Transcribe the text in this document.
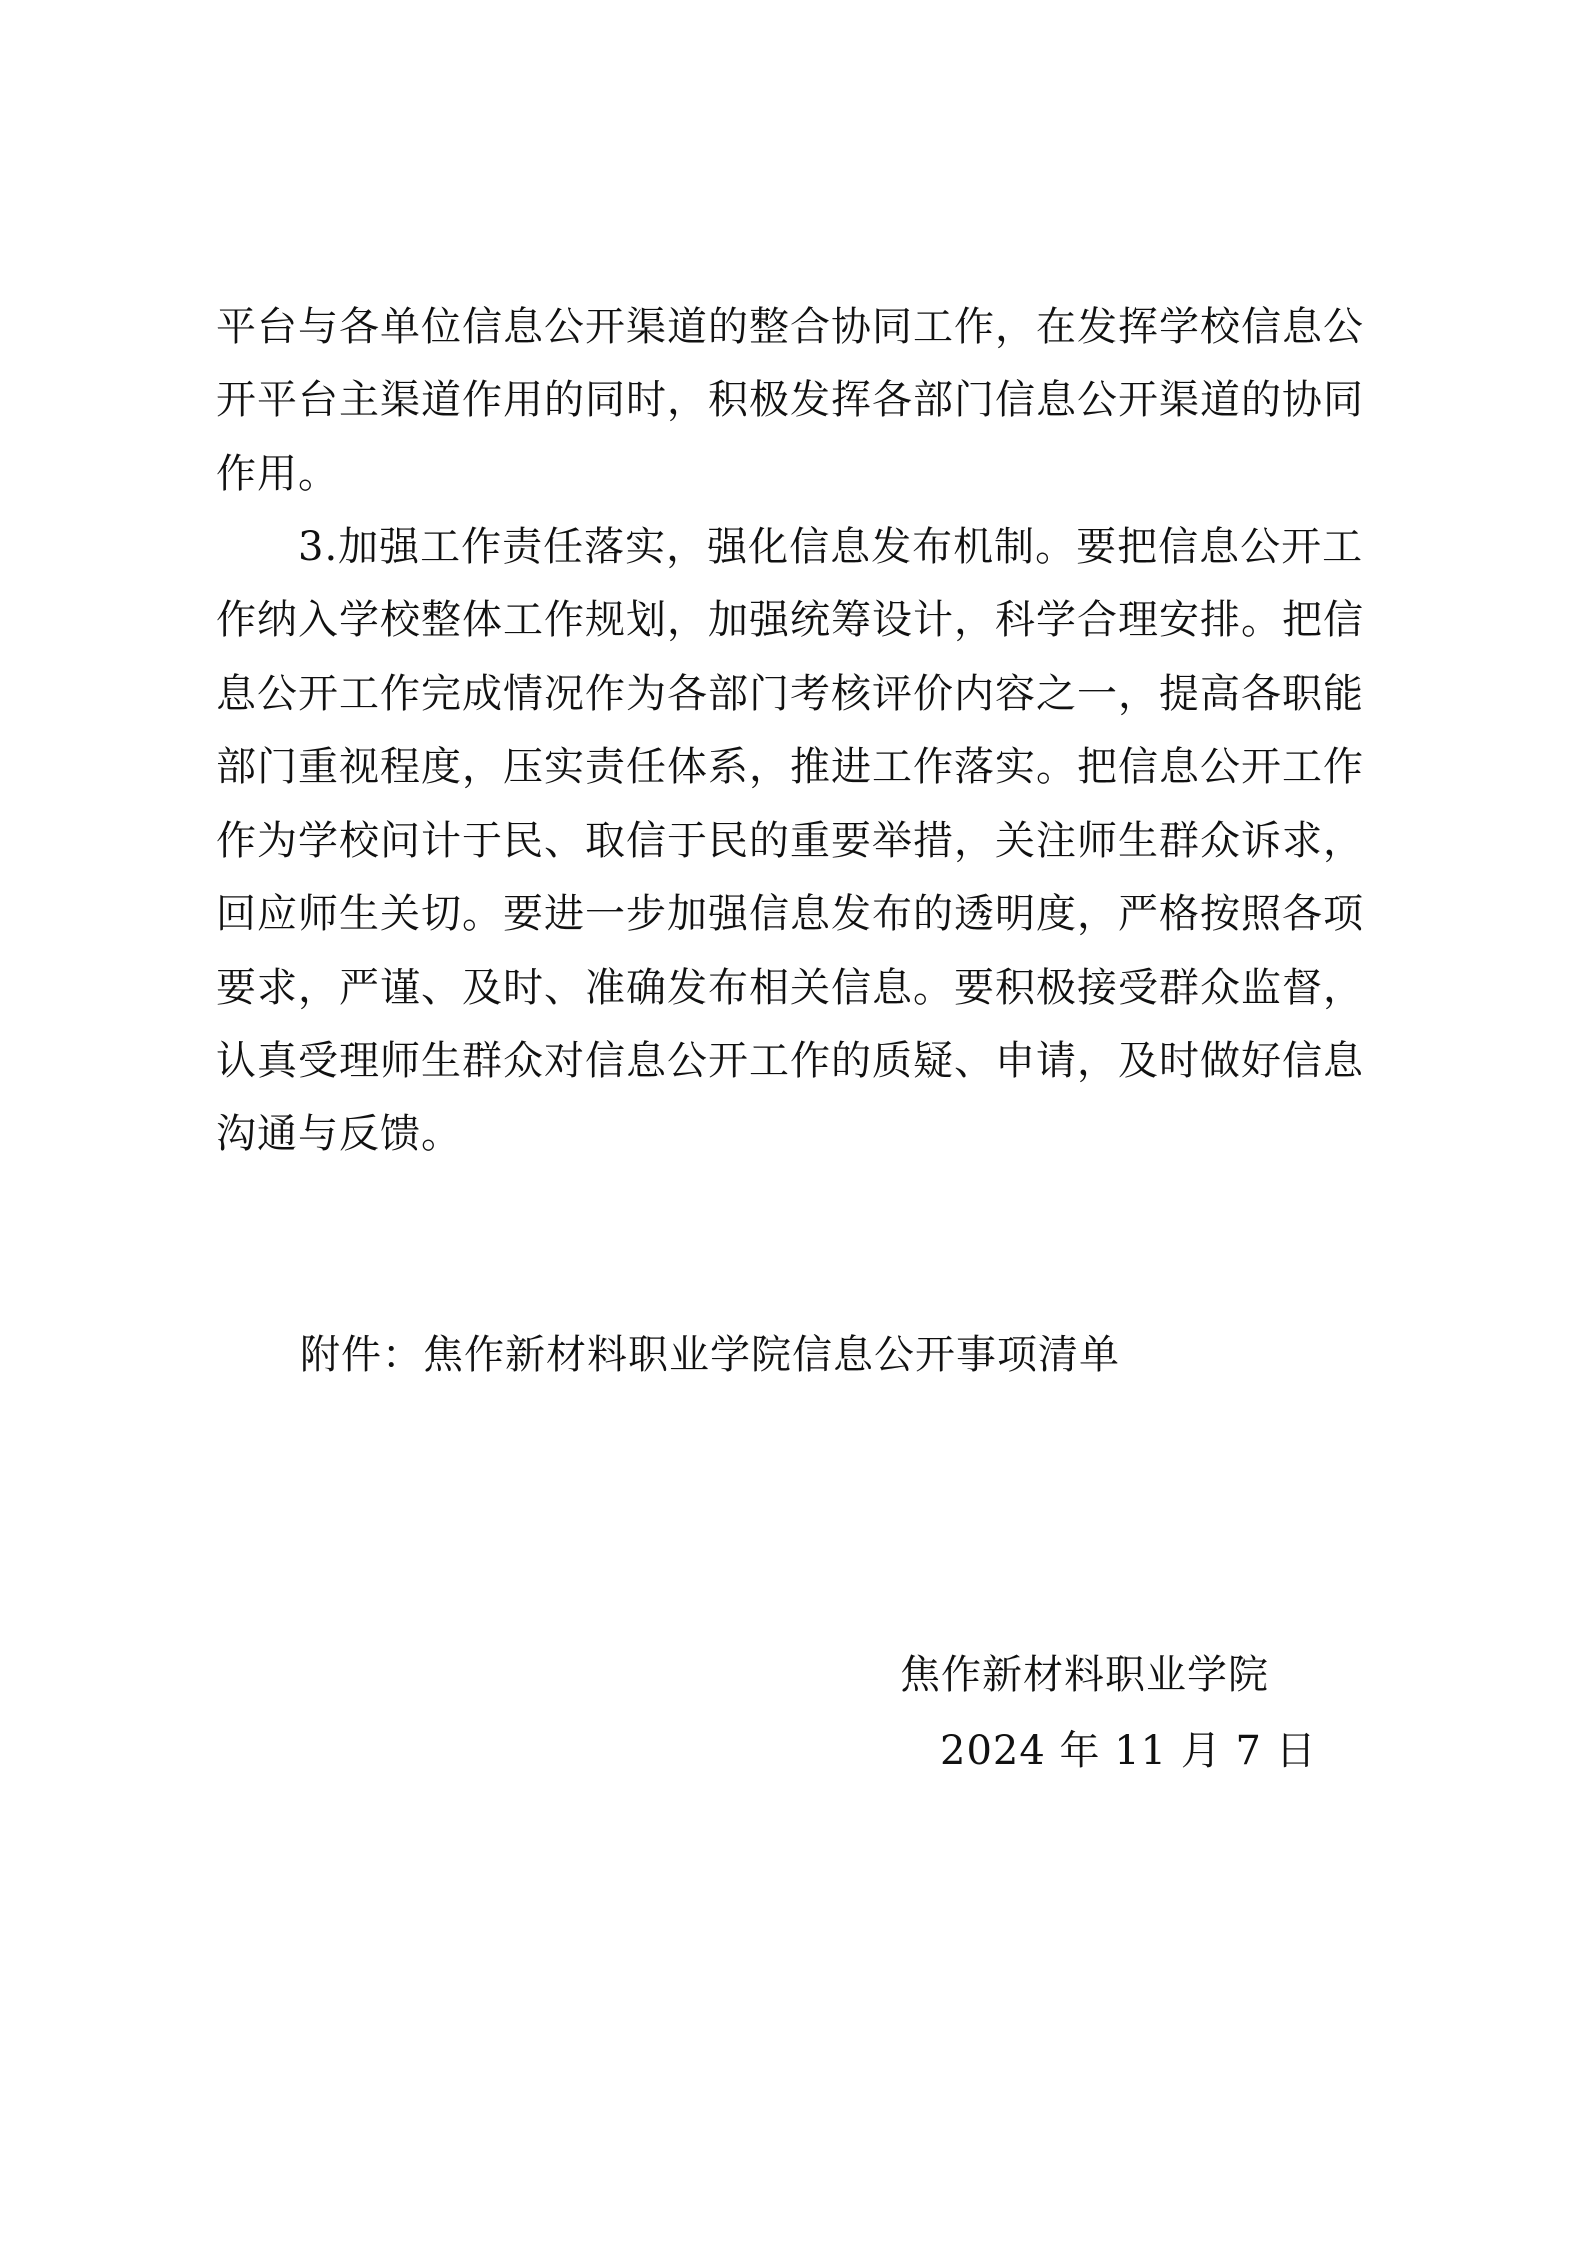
平台与各单位信息公开渠道的整合协同工作，在发挥学校信息公
开平台主渠道作用的同时，积极发挥各部门信息公开渠道的协同
作用。
3.加强工作责任落实，强化信息发布机制。要把信息公开工
作纳入学校整体工作规划，加强统筹设计，科学合理安排。把信
息公开工作完成情况作为各部门考核评价内容之一，提高各职能
部门重视程度，压实责任体系，推进工作落实。把信息公开工作
作为学校问计于民、取信于民的重要举措，关注师生群众诉求，
回应师生关切。要进一步加强信息发布的透明度，严格按照各项
要求，严谨、及时、准确发布相关信息。要积极接受群众监督，
认真受理师生群众对信息公开工作的质疑、申请，及时做好信息
沟通与反馈。
附件：焦作新材料职业学院信息公开事项清单
焦作新材料职业学院
2024 年 11 月 7 日
